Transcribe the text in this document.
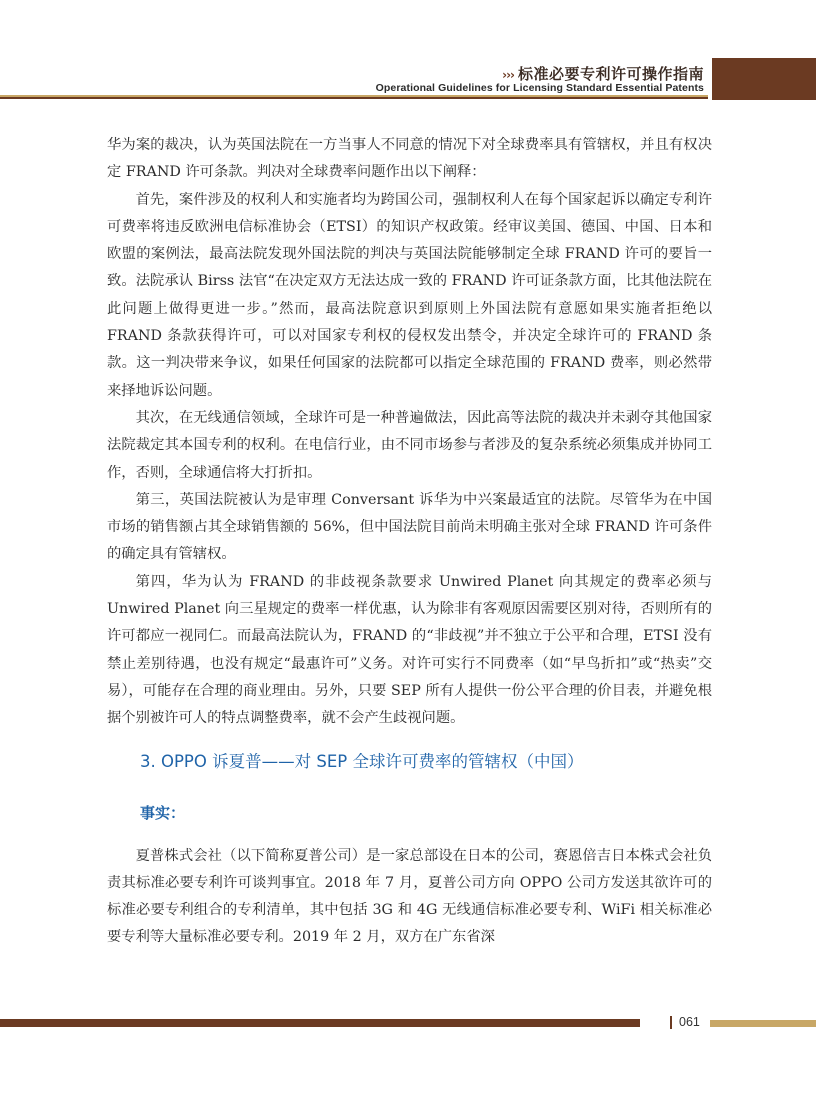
››› 标准必要专利许可操作指南
Operational Guidelines for Licensing Standard Essential Patents

华为案的裁决，认为英国法院在一方当事人不同意的情况下对全球费率具有管辖权，并且有权决定 FRAND 许可条款。判决对全球费率问题作出以下阐释：

首先，案件涉及的权利人和实施者均为跨国公司，强制权利人在每个国家起诉以确定专利许可费率将违反欧洲电信标准协会（ETSI）的知识产权政策。经审议美国、德国、中国、日本和欧盟的案例法，最高法院发现外国法院的判决与英国法院能够制定全球 FRAND 许可的要旨一致。法院承认 Birss 法官“在决定双方无法达成一致的 FRAND 许可证条款方面，比其他法院在此问题上做得更进一步。”然而，最高法院意识到原则上外国法院有意愿如果实施者拒绝以 FRAND 条款获得许可，可以对国家专利权的侵权发出禁令，并决定全球许可的 FRAND 条款。这一判决带来争议，如果任何国家的法院都可以指定全球范围的 FRAND 费率，则必然带来择地诉讼问题。

其次，在无线通信领域，全球许可是一种普遍做法，因此高等法院的裁决并未剥夺其他国家法院裁定其本国专利的权利。在电信行业，由不同市场参与者涉及的复杂系统必须集成并协同工作，否则，全球通信将大打折扣。

第三，英国法院被认为是审理 Conversant 诉华为中兴案最适宜的法院。尽管华为在中国市场的销售额占其全球销售额的 56%，但中国法院目前尚未明确主张对全球 FRAND 许可条件的确定具有管辖权。

第四，华为认为 FRAND 的非歧视条款要求 Unwired Planet 向其规定的费率必须与 Unwired Planet 向三星规定的费率一样优惠，认为除非有客观原因需要区别对待，否则所有的许可都应一视同仁。而最高法院认为，FRAND 的“非歧视”并不独立于公平和合理，ETSI 没有禁止差别待遇，也没有规定“最惠许可”义务。对许可实行不同费率（如“早鸟折扣”或“热卖”交易），可能存在合理的商业理由。另外，只要 SEP 所有人提供一份公平合理的价目表，并避免根据个别被许可人的特点调整费率，就不会产生歧视问题。

3. OPPO 诉夏普——对 SEP 全球许可费率的管辖权（中国）
事实：

夏普株式会社（以下简称夏普公司）是一家总部设在日本的公司，赛恩倍吉日本株式会社负责其标准必要专利许可谈判事宜。2018 年 7 月，夏普公司方向 OPPO 公司方发送其欲许可的标准必要专利组合的专利清单，其中包括 3G 和 4G 无线通信标准必要专利、WiFi 相关标准必要专利等大量标准必要专利。2019 年 2 月，双方在广东省深

061
